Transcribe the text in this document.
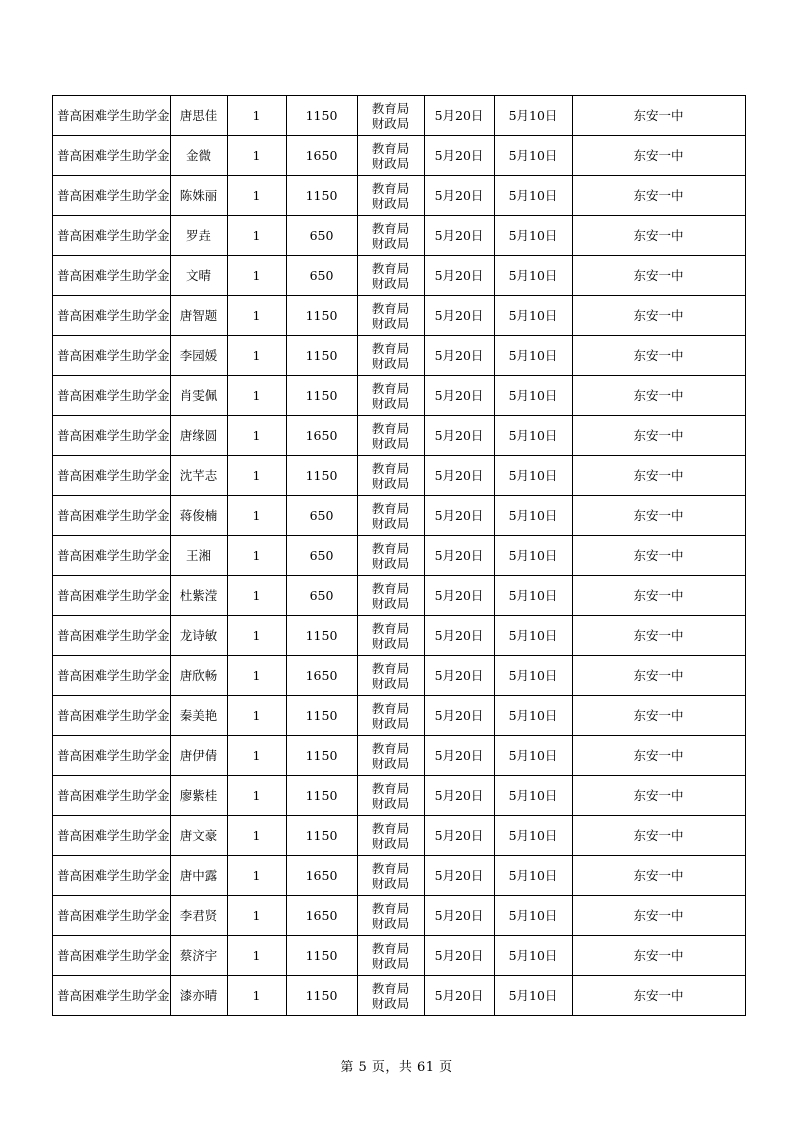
普高困难学生助学金	唐思佳	1	1150	教育局财政局	5月20日	5月10日	东安一中
普高困难学生助学金	金微	1	1650	教育局财政局	5月20日	5月10日	东安一中
普高困难学生助学金	陈姝丽	1	1150	教育局财政局	5月20日	5月10日	东安一中
普高困难学生助学金	罗垚	1	650	教育局财政局	5月20日	5月10日	东安一中
普高困难学生助学金	文晴	1	650	教育局财政局	5月20日	5月10日	东安一中
普高困难学生助学金	唐智题	1	1150	教育局财政局	5月20日	5月10日	东安一中
普高困难学生助学金	李园媛	1	1150	教育局财政局	5月20日	5月10日	东安一中
普高困难学生助学金	肖雯佩	1	1150	教育局财政局	5月20日	5月10日	东安一中
普高困难学生助学金	唐缘圆	1	1650	教育局财政局	5月20日	5月10日	东安一中
普高困难学生助学金	沈芊志	1	1150	教育局财政局	5月20日	5月10日	东安一中
普高困难学生助学金	蒋俊楠	1	650	教育局财政局	5月20日	5月10日	东安一中
普高困难学生助学金	王湘	1	650	教育局财政局	5月20日	5月10日	东安一中
普高困难学生助学金	杜紫滢	1	650	教育局财政局	5月20日	5月10日	东安一中
普高困难学生助学金	龙诗敏	1	1150	教育局财政局	5月20日	5月10日	东安一中
普高困难学生助学金	唐欣畅	1	1650	教育局财政局	5月20日	5月10日	东安一中
普高困难学生助学金	秦美艳	1	1150	教育局财政局	5月20日	5月10日	东安一中
普高困难学生助学金	唐伊倩	1	1150	教育局财政局	5月20日	5月10日	东安一中
普高困难学生助学金	廖紫桂	1	1150	教育局财政局	5月20日	5月10日	东安一中
普高困难学生助学金	唐文豪	1	1150	教育局财政局	5月20日	5月10日	东安一中
普高困难学生助学金	唐中露	1	1650	教育局财政局	5月20日	5月10日	东安一中
普高困难学生助学金	李君贤	1	1650	教育局财政局	5月20日	5月10日	东安一中
普高困难学生助学金	蔡济宇	1	1150	教育局财政局	5月20日	5月10日	东安一中
普高困难学生助学金	漆亦晴	1	1150	教育局财政局	5月20日	5月10日	东安一中
第 5 页，共 61 页
